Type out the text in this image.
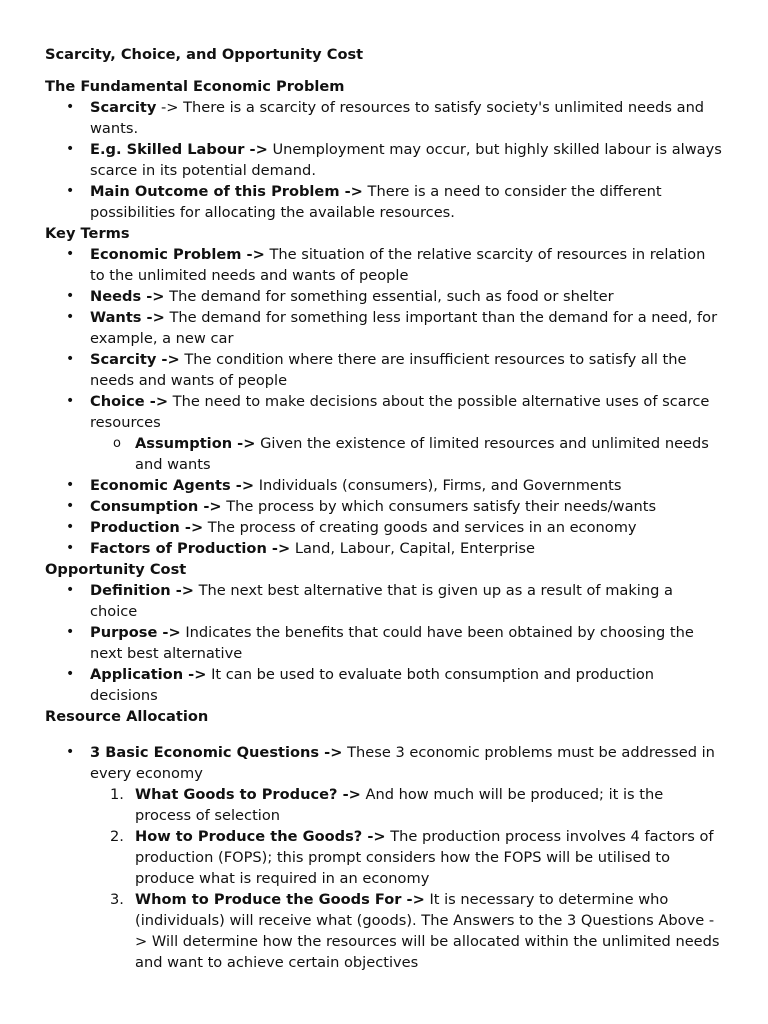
Scarcity, Choice, and Opportunity Cost
The Fundamental Economic Problem
• Scarcity -> There is a scarcity of resources to satisfy society's unlimited needs and wants.
• E.g. Skilled Labour -> Unemployment may occur, but highly skilled labour is always scarce in its potential demand.
• Main Outcome of this Problem -> There is a need to consider the different possibilities for allocating the available resources.
Key Terms
• Economic Problem -> The situation of the relative scarcity of resources in relation to the unlimited needs and wants of people
• Needs -> The demand for something essential, such as food or shelter
• Wants -> The demand for something less important than the demand for a need, for example, a new car
• Scarcity -> The condition where there are insufficient resources to satisfy all the needs and wants of people
• Choice -> The need to make decisions about the possible alternative uses of scarce resources
o Assumption -> Given the existence of limited resources and unlimited needs and wants
• Economic Agents -> Individuals (consumers), Firms, and Governments
• Consumption -> The process by which consumers satisfy their needs/wants
• Production -> The process of creating goods and services in an economy
• Factors of Production -> Land, Labour, Capital, Enterprise
Opportunity Cost
• Definition -> The next best alternative that is given up as a result of making a choice
• Purpose -> Indicates the benefits that could have been obtained by choosing the next best alternative
• Application -> It can be used to evaluate both consumption and production decisions
Resource Allocation
• 3 Basic Economic Questions -> These 3 economic problems must be addressed in every economy
1. What Goods to Produce? -> And how much will be produced; it is the process of selection
2. How to Produce the Goods? -> The production process involves 4 factors of production (FOPS); this prompt considers how the FOPS will be utilised to produce what is required in an economy
3. Whom to Produce the Goods For -> It is necessary to determine who (individuals) will receive what (goods). The Answers to the 3 Questions Above -> Will determine how the resources will be allocated within the unlimited needs and want to achieve certain objectives
